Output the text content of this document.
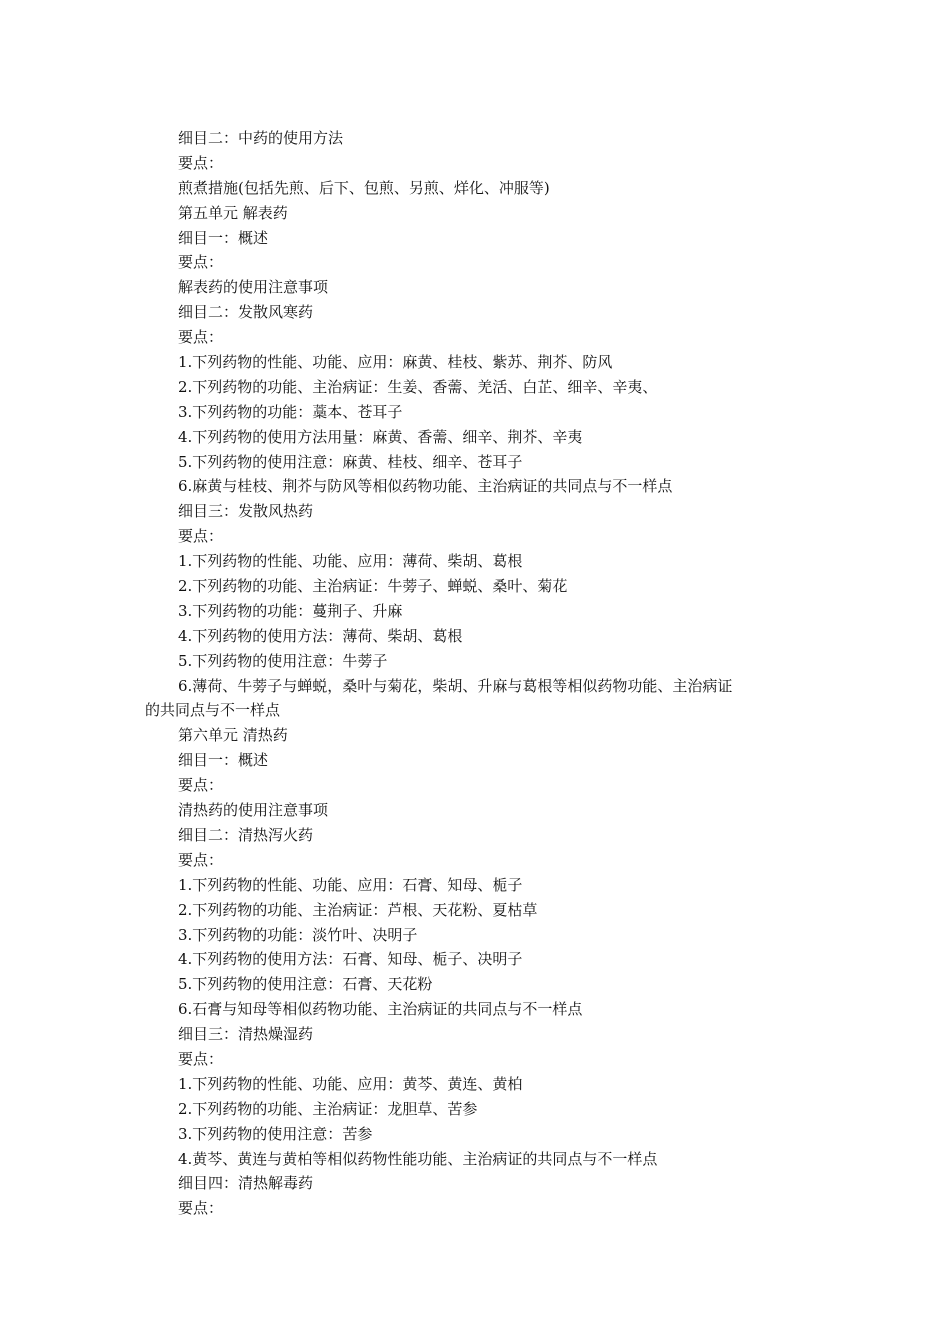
细目二：中药的使用方法
要点：
煎煮措施(包括先煎、后下、包煎、另煎、烊化、冲服等)
第五单元 解表药
细目一：概述
要点：
解表药的使用注意事项
细目二：发散风寒药
要点：
1.下列药物的性能、功能、应用：麻黄、桂枝、紫苏、荆芥、防风
2.下列药物的功能、主治病证：生姜、香薷、羌活、白芷、细辛、辛夷、
3.下列药物的功能：藁本、苍耳子
4.下列药物的使用方法用量：麻黄、香薷、细辛、荆芥、辛夷
5.下列药物的使用注意：麻黄、桂枝、细辛、苍耳子
6.麻黄与桂枝、荆芥与防风等相似药物功能、主治病证的共同点与不一样点
细目三：发散风热药
要点：
1.下列药物的性能、功能、应用：薄荷、柴胡、葛根
2.下列药物的功能、主治病证：牛蒡子、蝉蜕、桑叶、菊花
3.下列药物的功能：蔓荆子、升麻
4.下列药物的使用方法：薄荷、柴胡、葛根
5.下列药物的使用注意：牛蒡子
6.薄荷、牛蒡子与蝉蜕，桑叶与菊花，柴胡、升麻与葛根等相似药物功能、主治病证
的共同点与不一样点
第六单元 清热药
细目一：概述
要点：
清热药的使用注意事项
细目二：清热泻火药
要点：
1.下列药物的性能、功能、应用：石膏、知母、栀子
2.下列药物的功能、主治病证：芦根、天花粉、夏枯草
3.下列药物的功能：淡竹叶、决明子
4.下列药物的使用方法：石膏、知母、栀子、决明子
5.下列药物的使用注意：石膏、天花粉
6.石膏与知母等相似药物功能、主治病证的共同点与不一样点
细目三：清热燥湿药
要点：
1.下列药物的性能、功能、应用：黄芩、黄连、黄柏
2.下列药物的功能、主治病证：龙胆草、苦参
3.下列药物的使用注意：苦参
4.黄芩、黄连与黄柏等相似药物性能功能、主治病证的共同点与不一样点
细目四：清热解毒药
要点：
